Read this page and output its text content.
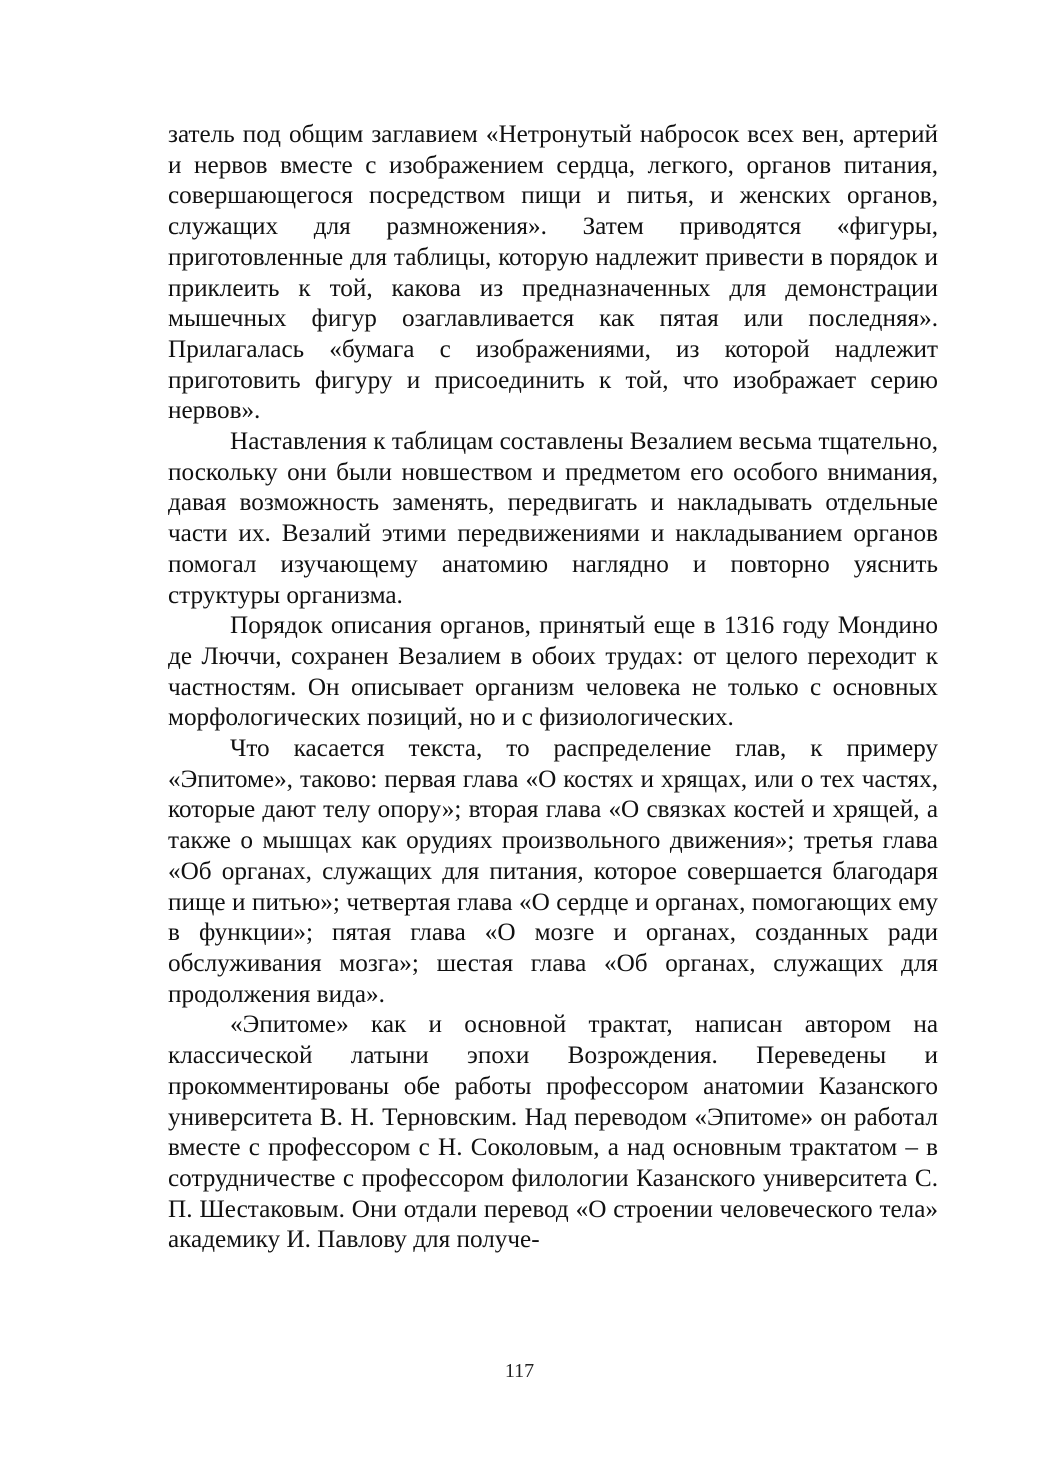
затель под общим заглавием «Нетронутый набросок всех вен, артерий и нервов вместе с изображением сердца, легкого, органов питания, совершающегося посредством пищи и питья, и женских органов, служащих для размножения». Затем приводятся «фигуры, приготовленные для таблицы, которую надлежит привести в порядок и приклеить к той, какова из предназначенных для демонстрации мышечных фигур озаглавливается как пятая или последняя». Прилагалась «бумага с изображениями, из которой надлежит приготовить фигуру и присоединить к той, что изображает серию нервов».

Наставления к таблицам составлены Везалием весьма тщательно, поскольку они были новшеством и предметом его особого внимания, давая возможность заменять, передвигать и накладывать отдельные части их. Везалий этими передвижениями и накладыванием органов помогал изучающему анатомию наглядно и повторно уяснить структуры организма.

Порядок описания органов, принятый еще в 1316 году Мондино де Люччи, сохранен Везалием в обоих трудах: от целого переходит к частностям. Он описывает организм человека не только с основных морфологических позиций, но и с физиологических.

Что касается текста, то распределение глав, к примеру «Эпитоме», таково: первая глава «О костях и хрящах, или о тех частях, которые дают телу опору»; вторая глава «О связках костей и хрящей, а также о мышцах как орудиях произвольного движения»; третья глава «Об органах, служащих для питания, которое совершается благодаря пище и питью»; четвертая глава «О сердце и органах, помогающих ему в функции»; пятая глава «О мозге и органах, созданных ради обслуживания мозга»; шестая глава «Об органах, служащих для продолжения вида».

«Эпитоме» как и основной трактат, написан автором на классической латыни эпохи Возрождения. Переведены и прокомментированы обе работы профессором анатомии Казанского университета В. Н. Терновским. Над переводом «Эпитоме» он работал вместе с профессором с Н. Соколовым, а над основным трактатом – в сотрудничестве с профессором филологии Казанского университета С. П. Шестаковым. Они отдали перевод «О строении человеческого тела» академику И. Павлову для получе-

117
